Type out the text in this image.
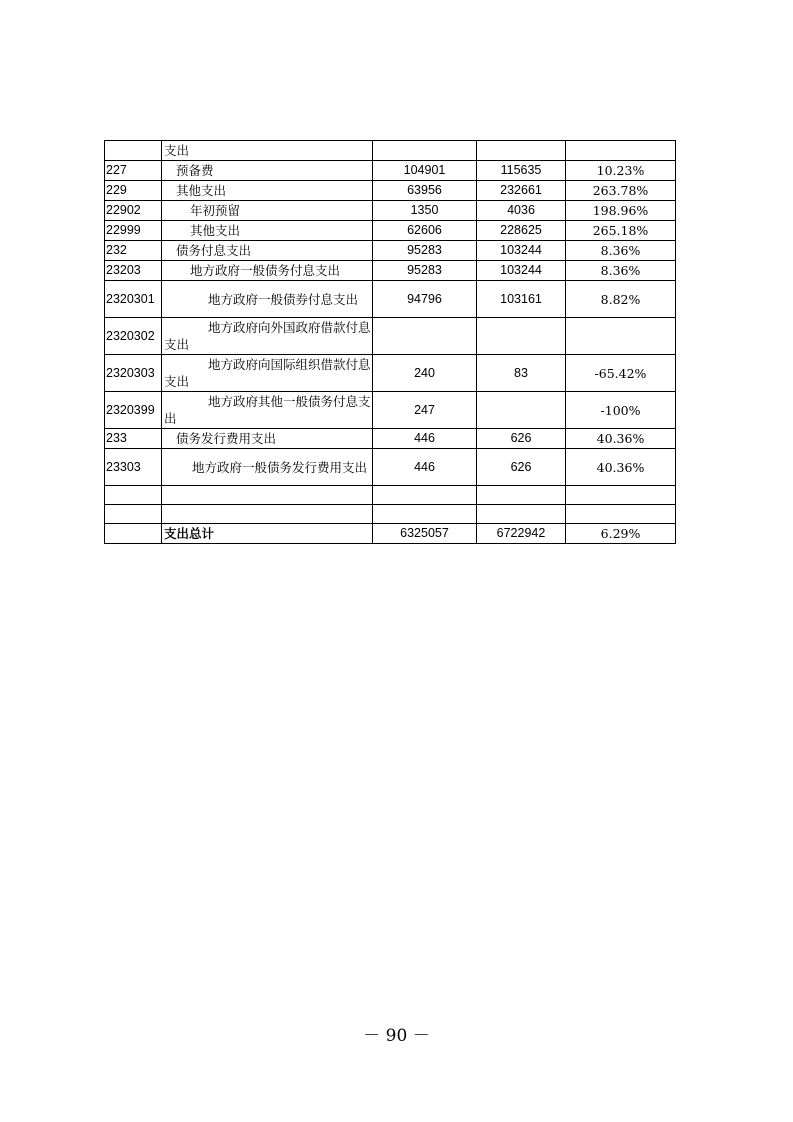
	支出			
227	预备费	104901	115635	10.23%
229	其他支出	63956	232661	263.78%
22902	年初预留	1350	4036	198.96%
22999	其他支出	62606	228625	265.18%
232	债务付息支出	95283	103244	8.36%
23203	地方政府一般债务付息支出	95283	103244	8.36%
2320301	地方政府一般债券付息支出	94796	103161	8.82%
2320302	地方政府向外国政府借款付息支出			
2320303	地方政府向国际组织借款付息支出	240	83	-65.42%
2320399	地方政府其他一般债务付息支出	247		-100%
233	债务发行费用支出	446	626	40.36%
23303	地方政府一般债务发行费用支出	446	626	40.36%

	支出总计	6325057	6722942	6.29%
－ 90 －
